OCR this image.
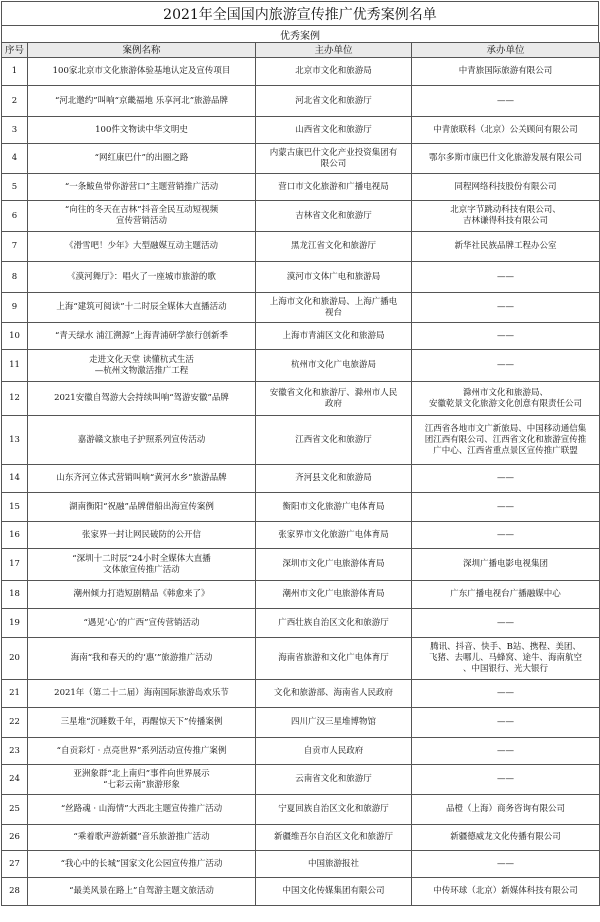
2021年全国国内旅游宣传推广优秀案例名单
优秀案例
序号	案例名称	主办单位	承办单位
1	100家北京市文化旅游体验基地认定及宣传项目	北京市文化和旅游局	中青旅国际旅游有限公司

2	“河北邀约”叫响“京畿福地 乐享河北”旅游品牌	河北省文化和旅游厅	——

3	100件文物读中华文明史	山西省文化和旅游厅	中青旅联科（北京）公关顾问有限公司

4	“网红康巴什”的出圈之路	内蒙古康巴什文化产业投资集团有
限公司	鄂尔多斯市康巴什文化旅游发展有限公司

5	“一条鲅鱼带你游营口”主题营销推广活动	营口市文化旅游和广播电视局	同程网络科技股份有限公司

6	“向往的冬天在吉林”抖音全民互动短视频
宣传营销活动	吉林省文化和旅游厅	北京字节跳动科技有限公司、
吉林谦得科技有限公司

7	《滑雪吧！少年》大型融媒互动主题活动	黑龙江省文化和旅游厅	新华社民族品牌工程办公室

8	《漠河舞厅》：唱火了一座城市旅游的歌	漠河市文体广电和旅游局	——

9	上海“建筑可阅读”十二时辰全媒体大直播活动	上海市文化和旅游局、上海广播电
视台	——

10	“青天绿水 浦江溯源”上海青浦研学旅行创新季	上海市青浦区文化和旅游局	——

11	走进文化天堂 读懂杭式生活
—杭州文物激活推广工程	杭州市文化广电旅游局	——

12	2021安徽自驾游大会持续叫响“驾游安徽”品牌	安徽省文化和旅游厅、滁州市人民
政府	滁州市文化和旅游局、
安徽乾景文化旅游文化创意有限责任公司

13	嘉游赣文旅电子护照系列宣传活动	江西省文化和旅游厅	江西省各地市文广新旅局、中国移动通信集
团江西有限公司、江西省文化和旅游宣传推
广中心、江西省重点景区宣传推广联盟

14	山东齐河立体式营销叫响“黄河水乡”旅游品牌	齐河县文化和旅游局	——

15	湖南衡阳“祝融”品牌借船出海宣传案例	衡阳市文化旅游广电体育局	——

16	张家界一封让网民破防的公开信	张家界市文化旅游广电体育局	——

17	“深圳十二时辰”24小时全媒体大直播
文体旅宣传推广活动	深圳市文化广电旅游体育局	深圳广播电影电视集团

18	潮州倾力打造短剧精品《韩愈来了》	潮州市文化广电旅游体育局	广东广播电视台广播融媒中心

19	“遇见‘心’的广西”宣传营销活动	广西壮族自治区文化和旅游厅	——

20	海南“我和春天的约‘惠’”旅游推广活动	海南省旅游和文化广电体育厅	腾讯、抖音、快手、B站、携程、美团、
飞猪、去哪儿、马蜂窝、途牛、海南航空
、中国银行、光大银行

21	2021年（第二十二届）海南国际旅游岛欢乐节	文化和旅游部、海南省人民政府	——

22	三星堆“沉睡数千年，再醒惊天下”传播案例	四川广汉三星堆博物馆	——

23	“自贡彩灯 · 点亮世界”系列活动宣传推广案例	自贡市人民政府	——

24	亚洲象群“北上南归”事件向世界展示
“七彩云南”旅游形象	云南省文化和旅游厅	——

25	“丝路魂 · 山海情”大西北主题宣传推广活动	宁夏回族自治区文化和旅游厅	品橙（上海）商务咨询有限公司

26	“乘着歌声游新疆”音乐旅游推广活动	新疆维吾尔自治区文化和旅游厅	新疆德威龙文化传播有限公司

27	“我心中的长城”国家文化公园宣传推广活动	中国旅游报社	——

28	“最美风景在路上”自驾游主题文旅活动	中国文化传媒集团有限公司	中传环球（北京）新媒体科技有限公司
